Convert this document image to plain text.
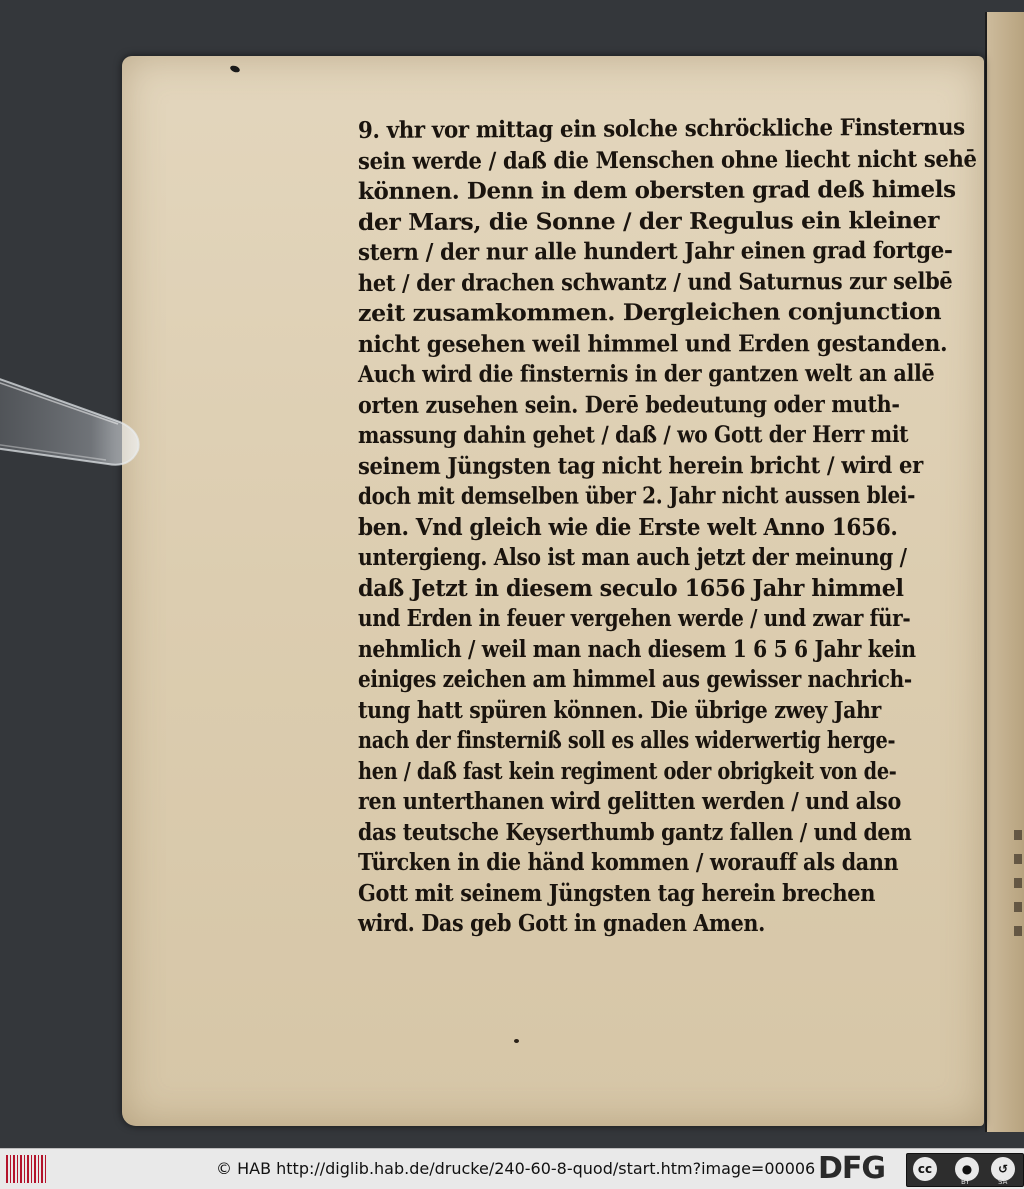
9. vhr vor mittag ein solche schröckliche Finsternus
sein werde / daß die Menschen ohne liecht nicht sehē
können. Denn in dem obersten grad deß himels
der Mars, die Sonne / der Regulus ein kleiner
stern / der nur alle hundert Jahr einen grad fortge-
het / der drachen schwantz / und Saturnus zur selbē
zeit zusamkommen. Dergleichen conjunction
nicht gesehen weil himmel und Erden gestanden.
Auch wird die finsternis in der gantzen welt an allē
orten zusehen sein. Derē bedeutung oder muth-
massung dahin gehet / daß / wo Gott der Herr mit
seinem Jüngsten tag nicht herein bricht / wird er
doch mit demselben über 2. Jahr nicht aussen blei-
ben. Vnd gleich wie die Erste welt Anno 1656.
untergieng. Also ist man auch jetzt der meinung /
daß Jetzt in diesem seculo 1656 Jahr himmel
und Erden in feuer vergehen werde / und zwar für-
nehmlich / weil man nach diesem 1 6 5 6 Jahr kein
einiges zeichen am himmel aus gewisser nachrich-
tung hatt spüren können. Die übrige zwey Jahr
nach der finsterniß soll es alles widerwertig herge-
hen / daß fast kein regiment oder obrigkeit von de-
ren unterthanen wird gelitten werden / und also
das teutsche Keyserthumb gantz fallen / und dem
Türcken in die händ kommen / worauff als dann
Gott mit seinem Jüngsten tag herein brechen
wird. Das geb Gott in gnaden Amen.
© HAB http://diglib.hab.de/drucke/240-60-8-quod/start.htm?image=00006 DFG	cc	●
BY
↺
SA
